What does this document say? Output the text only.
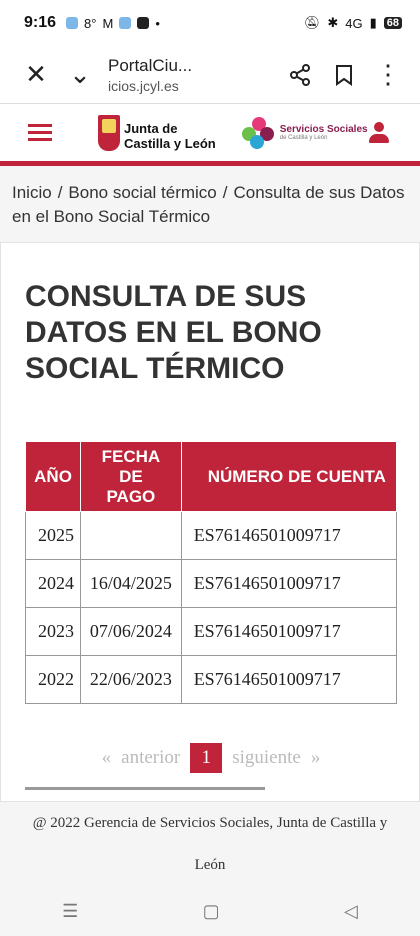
9:16 8° M	•	🔕︎ ✱ 4G ▮ 68
✕ ⌄	PortalCiu...
icios.jcyl.es	⋮
Junta de
Castilla y León
Servicios Sociales
de Castilla y León
Inicio / Bono social térmico / Consulta de sus Datos en el Bono Social Térmico
CONSULTA DE SUS DATOS EN EL BONO SOCIAL TÉRMICO
AÑO	FECHA DE PAGO	NÚMERO DE CUENTA
2025		ES76146501009717
2024	16/04/2025	ES76146501009717
2023	07/06/2024	ES76146501009717
2022	22/06/2023	ES76146501009717
« anterior	1	siguiente »
@ 2022 Gerencia de Servicios Sociales, Junta de Castilla y León
☰	▢	◁
